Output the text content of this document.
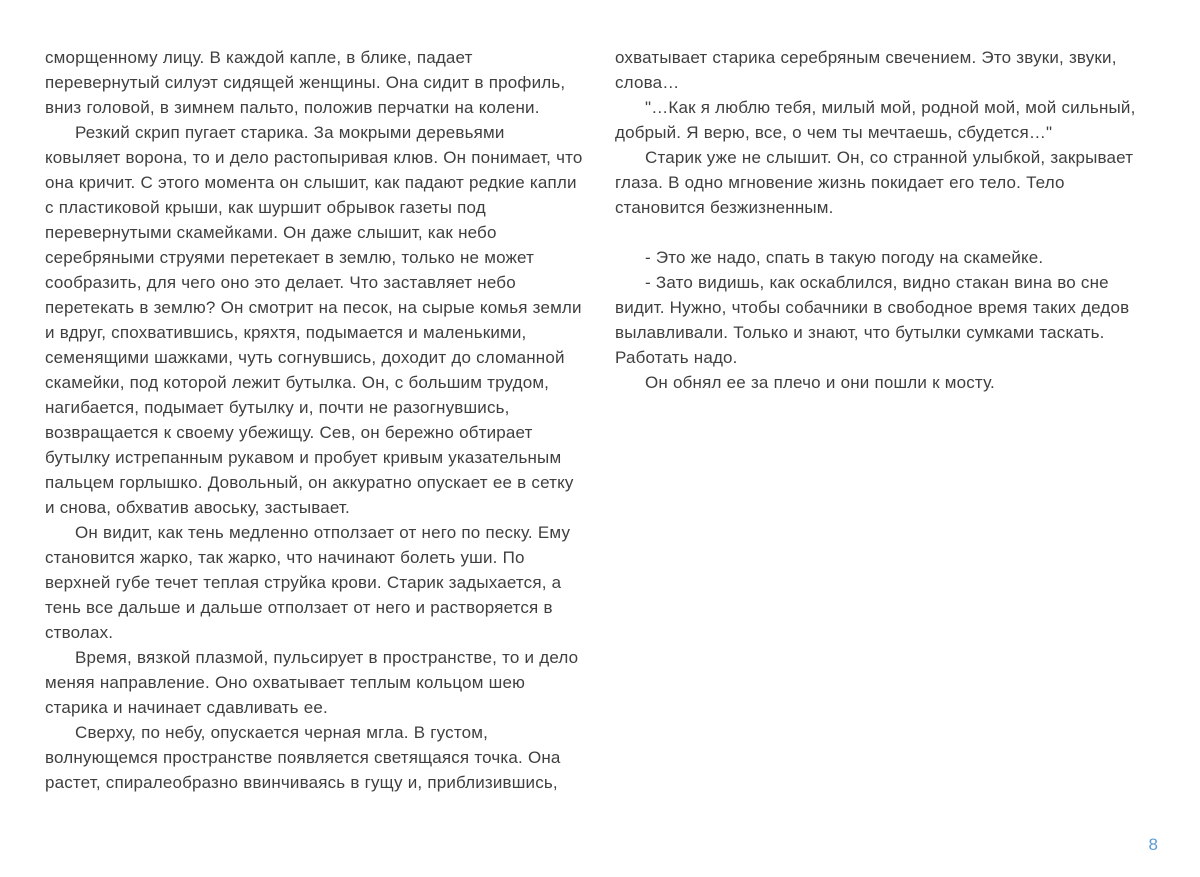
сморщенному лицу. В каждой капле, в блике, падает перевернутый силуэт сидящей женщины. Она сидит в профиль, вниз головой, в зимнем пальто, положив перчатки на колени.

Резкий скрип пугает старика. За мокрыми деревьями ковыляет ворона, то и дело растопыривая клюв. Он понимает, что она кричит. С этого момента он слышит, как падают редкие капли с пластиковой крыши, как шуршит обрывок газеты под перевернутыми скамейками. Он даже слышит, как небо серебряными струями перетекает в землю, только не может сообразить, для чего оно это делает. Что заставляет небо перетекать в землю? Он смотрит на песок, на сырые комья земли и вдруг, спохватившись, кряхтя, подымается и маленькими, семенящими шажками, чуть согнувшись, доходит до сломанной скамейки, под которой лежит бутылка. Он, с большим трудом, нагибается, подымает бутылку и, почти не разогнувшись, возвращается к своему убежищу. Сев, он бережно обтирает бутылку истрепанным рукавом и пробует кривым указательным пальцем горлышко. Довольный, он аккуратно опускает ее в сетку и снова, обхватив авоську, застывает.

Он видит, как тень медленно отползает от него по песку. Ему становится жарко, так жарко, что начинают болеть уши. По верхней губе течет теплая струйка крови. Старик задыхается, а тень все дальше и дальше отползает от него и растворяется в стволах.

Время, вязкой плазмой, пульсирует в пространстве, то и дело меняя направление. Оно охватывает теплым кольцом шею старика и начинает сдавливать ее.

Сверху, по небу, опускается черная мгла. В густом, волнующемся пространстве появляется светящаяся точка. Она растет, спиралеобразно ввинчиваясь в гущу и, приблизившись,

охватывает старика серебряным свечением. Это звуки, звуки, слова…

"…Как я люблю тебя, милый мой, родной мой, мой сильный, добрый. Я верю, все, о чем ты мечтаешь, сбудется…"

Старик уже не слышит. Он, со странной улыбкой, закрывает глаза. В одно мгновение жизнь покидает его тело. Тело становится безжизненным.

- Это же надо, спать в такую погоду на скамейке.

- Зато видишь, как оскаблился, видно стакан вина во сне видит. Нужно, чтобы собачники в свободное время таких дедов вылавливали. Только и знают, что бутылки сумками таскать. Работать надо.

Он обнял ее за плечо и они пошли к мосту.

8
